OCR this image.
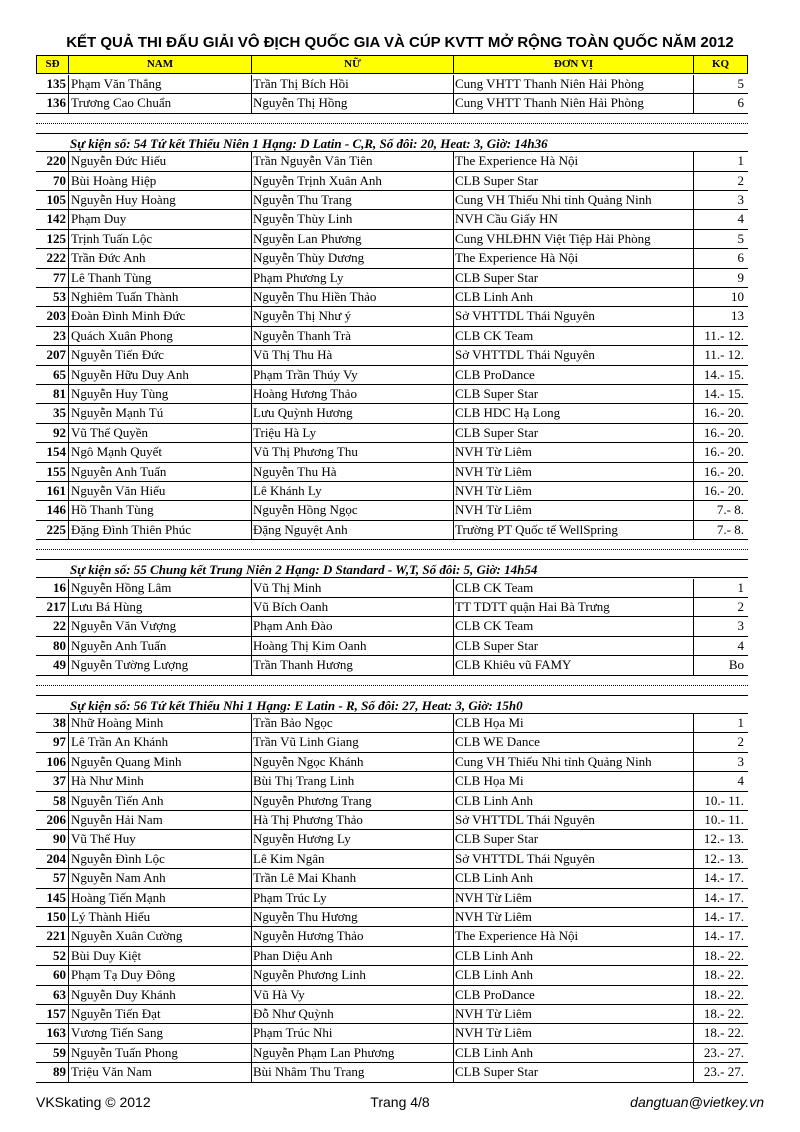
KẾT QUẢ THI ĐẤU GIẢI VÔ ĐỊCH QUỐC GIA VÀ CÚP KVTT MỞ RỘNG TOÀN QUỐC NĂM 2012
SĐ	NAM	NỮ	ĐƠN VỊ	KQ
135 Phạm Văn Thắng	Trần Thị Bích Hồi	Cung VHTT Thanh Niên Hải Phòng	5
136 Trương Cao Chuẩn	Nguyễn Thị Hồng	Cung VHTT Thanh Niên Hải Phòng	6
Sự kiện số: 54 Tứ kết Thiếu Niên 1 Hạng: D Latin - C,R, Số đôi: 20, Heat: 3, Giờ: 14h36
220 Nguyễn Đức Hiếu	Trần Nguyễn Vân Tiên	The Experience Hà Nội	1
70 Bùi Hoàng Hiệp	Nguyễn Trịnh Xuân Anh	CLB Super Star	2
105 Nguyễn Huy Hoàng	Nguyễn Thu Trang	Cung VH Thiếu Nhi tỉnh Quảng Ninh	3
142 Phạm Duy	Nguyễn Thùy Linh	NVH Cầu Giấy HN	4
125 Trịnh Tuấn Lộc	Nguyễn Lan Phương	Cung VHLĐHN Việt Tiệp Hải Phòng	5
222 Trần Đức Anh	Nguyễn Thùy Dương	The Experience Hà Nội	6
77 Lê Thanh Tùng	Phạm Phương Ly	CLB Super Star	9
53 Nghiêm Tuấn Thành	Nguyễn Thu Hiền Thảo	CLB Linh Anh	10
203 Đoàn Đình Minh Đức	Nguyễn Thị Như ý	Sở VHTTDL Thái Nguyên	13
23 Quách Xuân Phong	Nguyễn Thanh Trà	CLB CK Team	11.- 12.
207 Nguyễn Tiến Đức	Vũ Thị Thu Hà	Sở VHTTDL Thái Nguyên	11.- 12.
65 Nguyễn Hữu Duy Anh	Phạm Trần Thúy Vy	CLB ProDance	14.- 15.
81 Nguyễn Huy Tùng	Hoàng Hương Thảo	CLB Super Star	14.- 15.
35 Nguyễn Mạnh Tú	Lưu Quỳnh Hương	CLB HDC Hạ Long	16.- 20.
92 Vũ Thế Quyền	Triệu Hà Ly	CLB Super Star	16.- 20.
154 Ngô Mạnh Quyết	Vũ Thị Phương Thu	NVH Từ Liêm	16.- 20.
155 Nguyễn Anh Tuấn	Nguyễn Thu Hà	NVH Từ Liêm	16.- 20.
161 Nguyễn Văn Hiếu	Lê Khánh Ly	NVH Từ Liêm	16.- 20.
146 Hồ Thanh Tùng	Nguyễn Hồng Ngọc	NVH Từ Liêm	7.- 8.
225 Đặng Đình Thiên Phúc	Đặng Nguyệt Anh	Trường PT Quốc tế WellSpring	7.- 8.
Sự kiện số: 55 Chung kết Trung Niên 2 Hạng: D Standard - W,T, Số đôi: 5, Giờ: 14h54
16 Nguyễn Hồng Lâm	Vũ Thị Minh	CLB CK Team	1
217 Lưu Bá Hùng	Vũ Bích Oanh	TT TDTT quận Hai Bà Trưng	2
22 Nguyễn Văn Vượng	Phạm Anh Đào	CLB CK Team	3
80 Nguyễn Anh Tuấn	Hoàng Thị Kim Oanh	CLB Super Star	4
49 Nguyễn Tường Lượng	Trần Thanh Hương	CLB Khiêu vũ FAMY	Bo
Sự kiện số: 56 Tứ kết Thiếu Nhi 1 Hạng: E Latin - R, Số đôi: 27, Heat: 3, Giờ: 15h0
38 Nhữ Hoàng Minh	Trần Bảo Ngọc	CLB Họa Mi	1
97 Lê Trần An Khánh	Trần Vũ Linh Giang	CLB WE Dance	2
106 Nguyễn Quang Minh	Nguyễn Ngọc Khánh	Cung VH Thiếu Nhi tỉnh Quảng Ninh	3
37 Hà Như Minh	Bùi Thị Trang Linh	CLB Họa Mi	4
58 Nguyễn Tiến Anh	Nguyễn Phương Trang	CLB Linh Anh	10.- 11.
206 Nguyễn Hải Nam	Hà Thị Phương Thảo	Sở VHTTDL Thái Nguyên	10.- 11.
90 Vũ Thế Huy	Nguyễn Hương Ly	CLB Super Star	12.- 13.
204 Nguyễn Đình Lộc	Lê Kim Ngân	Sở VHTTDL Thái Nguyên	12.- 13.
57 Nguyễn Nam Anh	Trần Lê Mai Khanh	CLB Linh Anh	14.- 17.
145 Hoàng Tiến Mạnh	Phạm Trúc Ly	NVH Từ Liêm	14.- 17.
150 Lý Thành Hiếu	Nguyễn Thu Hương	NVH Từ Liêm	14.- 17.
221 Nguyễn Xuân Cường	Nguyễn Hương Thảo	The Experience Hà Nội	14.- 17.
52 Bùi Duy Kiệt	Phan Diệu Anh	CLB Linh Anh	18.- 22.
60 Phạm Tạ Duy Đông	Nguyễn Phương Linh	CLB Linh Anh	18.- 22.
63 Nguyễn Duy Khánh	Vũ Hà Vy	CLB ProDance	18.- 22.
157 Nguyễn Tiến Đạt	Đỗ Như Quỳnh	NVH Từ Liêm	18.- 22.
163 Vương Tiến Sang	Phạm Trúc Nhi	NVH Từ Liêm	18.- 22.
59 Nguyễn Tuấn Phong	Nguyễn Phạm Lan Phương	CLB Linh Anh	23.- 27.
89 Triệu Văn Nam	Bùi Nhâm Thu Trang	CLB Super Star	23.- 27.
VKSkating © 2012	Trang 4/8	dangtuan@vietkey.vn
